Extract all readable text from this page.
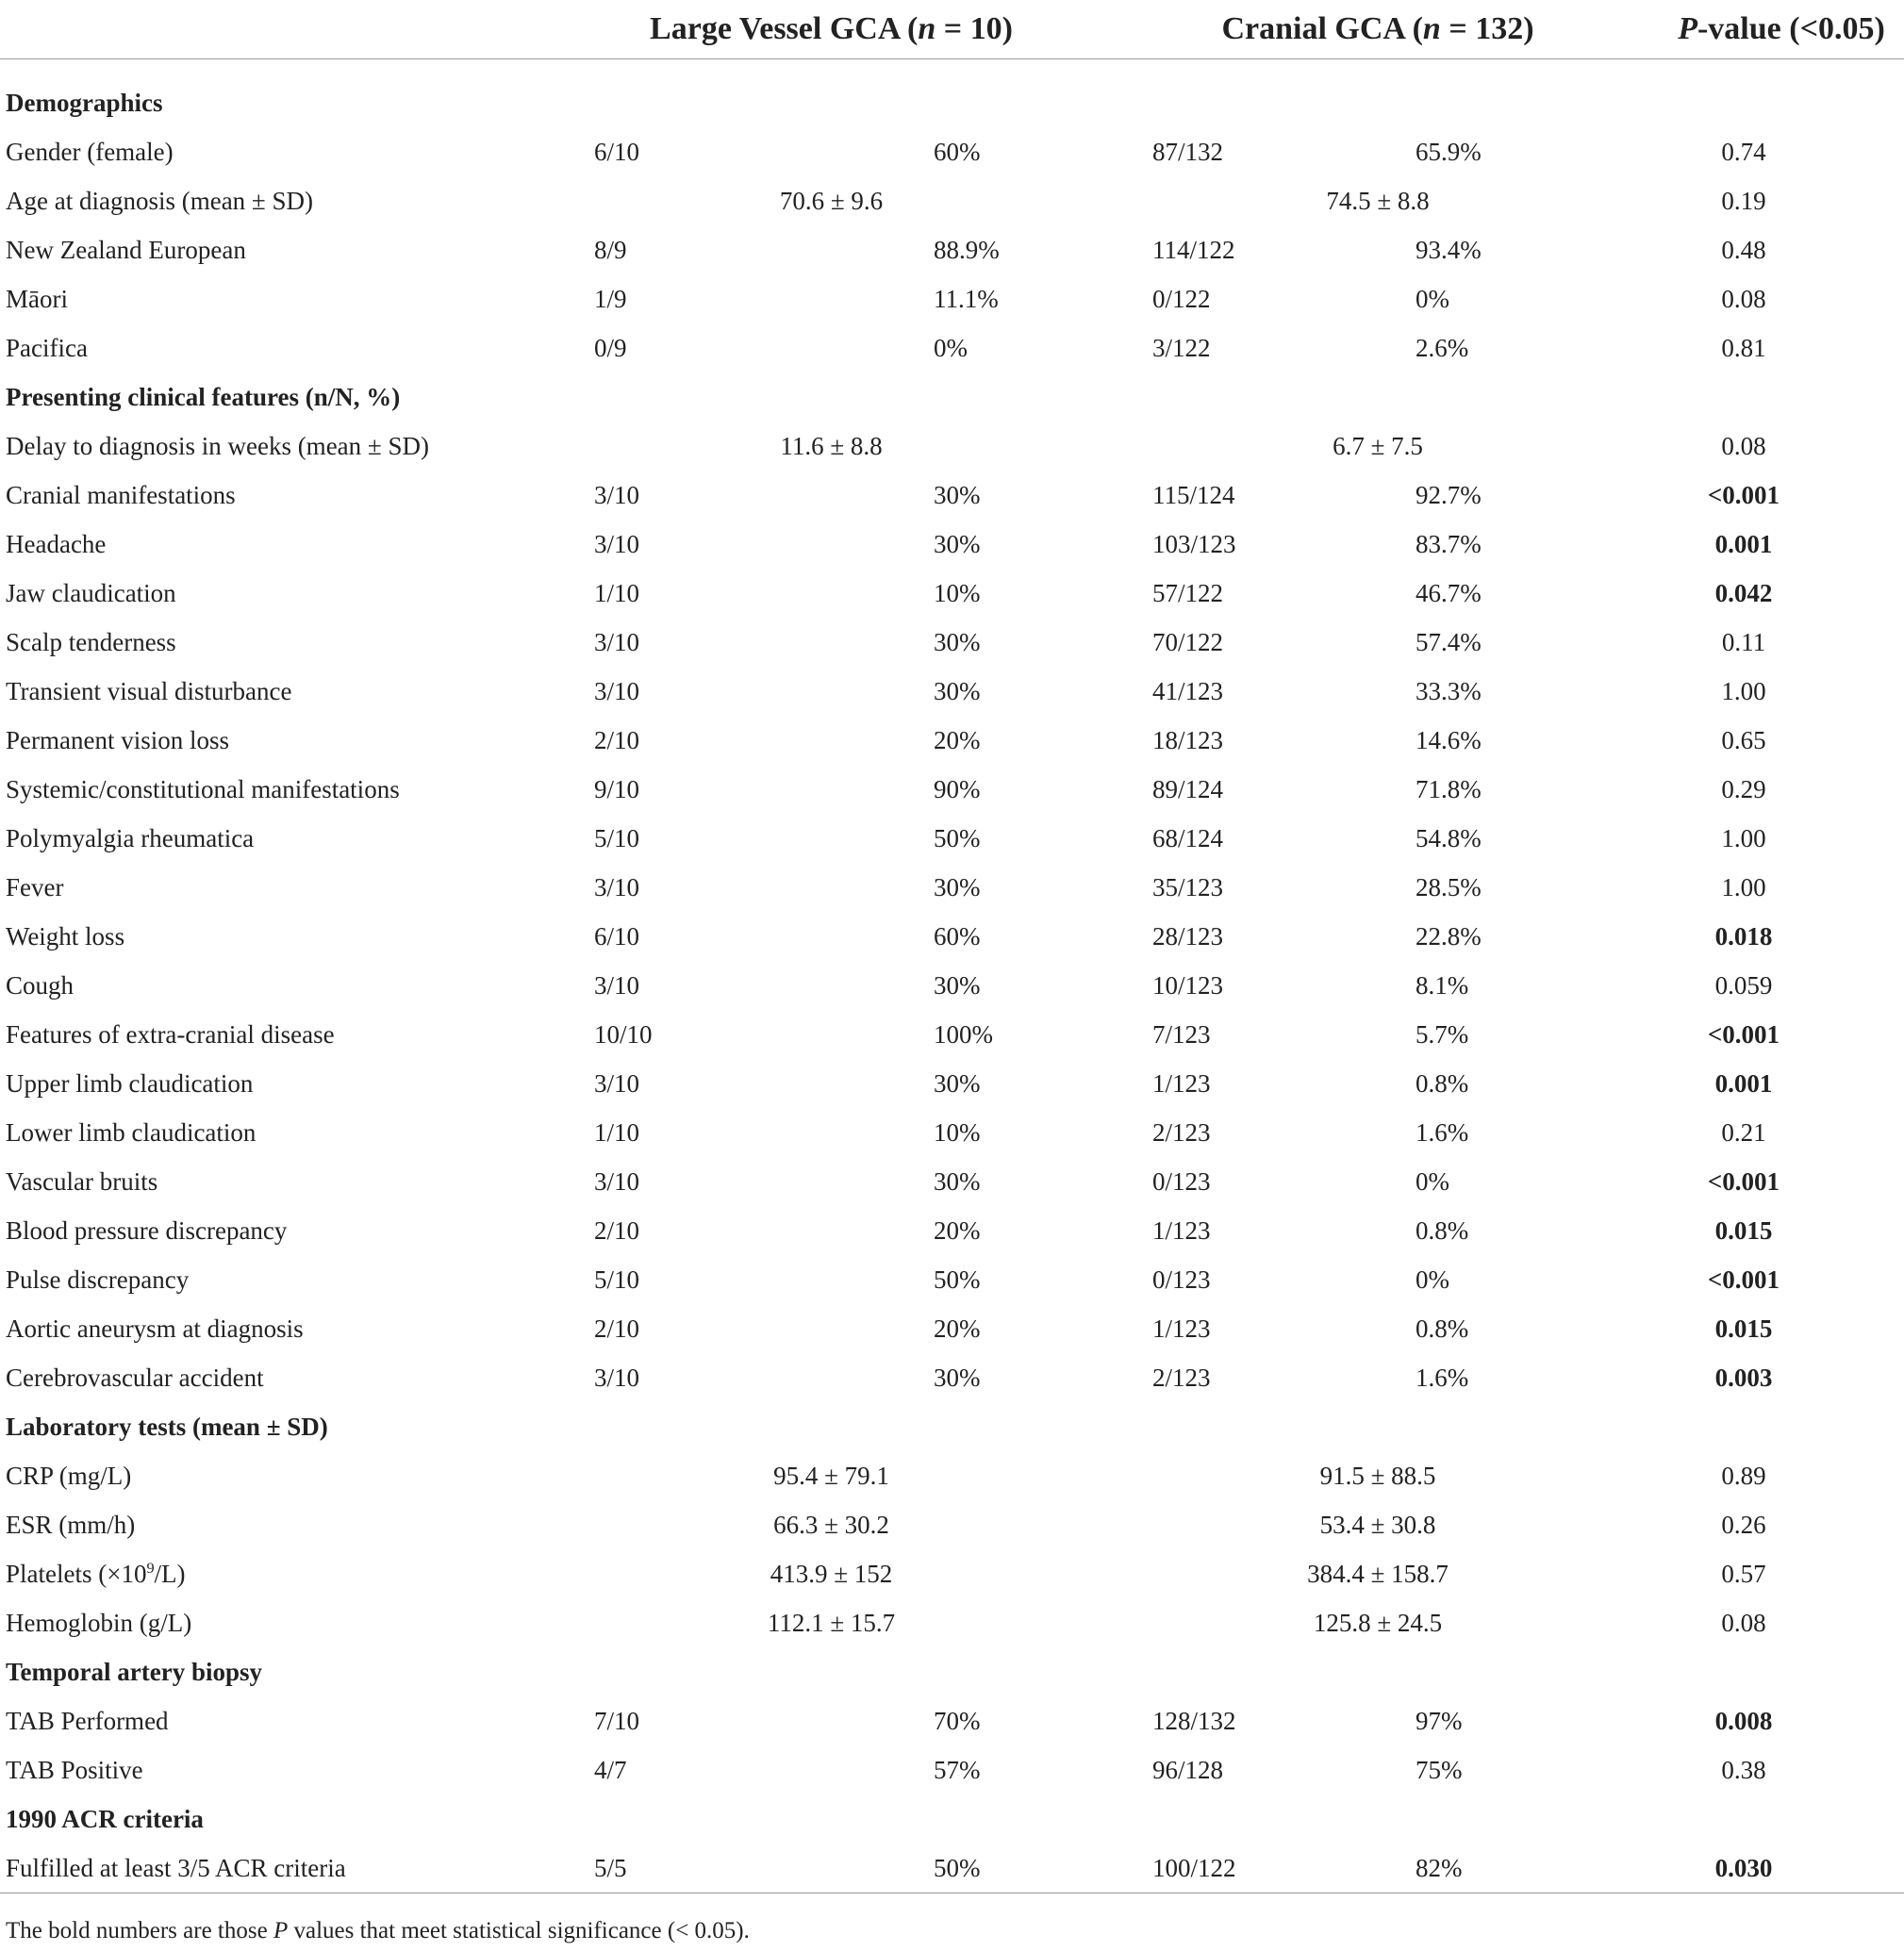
	Large Vessel GCA (n = 10)		Cranial GCA (n = 132)		P-value (<0.05)
Demographics					
Gender (female)	6/10	60%	87/132	65.9%	0.74
Age at diagnosis (mean ± SD)	70.6 ± 9.6		74.5 ± 8.8		0.19
New Zealand European	8/9	88.9%	114/122	93.4%	0.48
Māori	1/9	11.1%	0/122	0%	0.08
Pacifica	0/9	0%	3/122	2.6%	0.81
Presenting clinical features (n/N, %)					
Delay to diagnosis in weeks (mean ± SD)	11.6 ± 8.8		6.7 ± 7.5		0.08
Cranial manifestations	3/10	30%	115/124	92.7%	<0.001
Headache	3/10	30%	103/123	83.7%	0.001
Jaw claudication	1/10	10%	57/122	46.7%	0.042
Scalp tenderness	3/10	30%	70/122	57.4%	0.11
Transient visual disturbance	3/10	30%	41/123	33.3%	1.00
Permanent vision loss	2/10	20%	18/123	14.6%	0.65
Systemic/constitutional manifestations	9/10	90%	89/124	71.8%	0.29
Polymyalgia rheumatica	5/10	50%	68/124	54.8%	1.00
Fever	3/10	30%	35/123	28.5%	1.00
Weight loss	6/10	60%	28/123	22.8%	0.018
Cough	3/10	30%	10/123	8.1%	0.059
Features of extra-cranial disease	10/10	100%	7/123	5.7%	<0.001
Upper limb claudication	3/10	30%	1/123	0.8%	0.001
Lower limb claudication	1/10	10%	2/123	1.6%	0.21
Vascular bruits	3/10	30%	0/123	0%	<0.001
Blood pressure discrepancy	2/10	20%	1/123	0.8%	0.015
Pulse discrepancy	5/10	50%	0/123	0%	<0.001
Aortic aneurysm at diagnosis	2/10	20%	1/123	0.8%	0.015
Cerebrovascular accident	3/10	30%	2/123	1.6%	0.003
Laboratory tests (mean ± SD)					
CRP (mg/L)	95.4 ± 79.1		91.5 ± 88.5		0.89
ESR (mm/h)	66.3 ± 30.2		53.4 ± 30.8		0.26
Platelets $(\times 10^9/L)$	413.9 ± 152		384.4 ± 158.7		0.57
Hemoglobin (g/L)	112.1 ± 15.7		125.8 ± 24.5		0.08
Temporal artery biopsy					
TAB Performed	7/10	70%	128/132	97%	0.008
TAB Positive	4/7	57%	96/128	75%	0.38
1990 ACR criteria					
Fulfilled at least 3/5 ACR criteria	5/5	50%	100/122	82%	0.030
The bold numbers are those P values that meet statistical significance (< 0.05).
